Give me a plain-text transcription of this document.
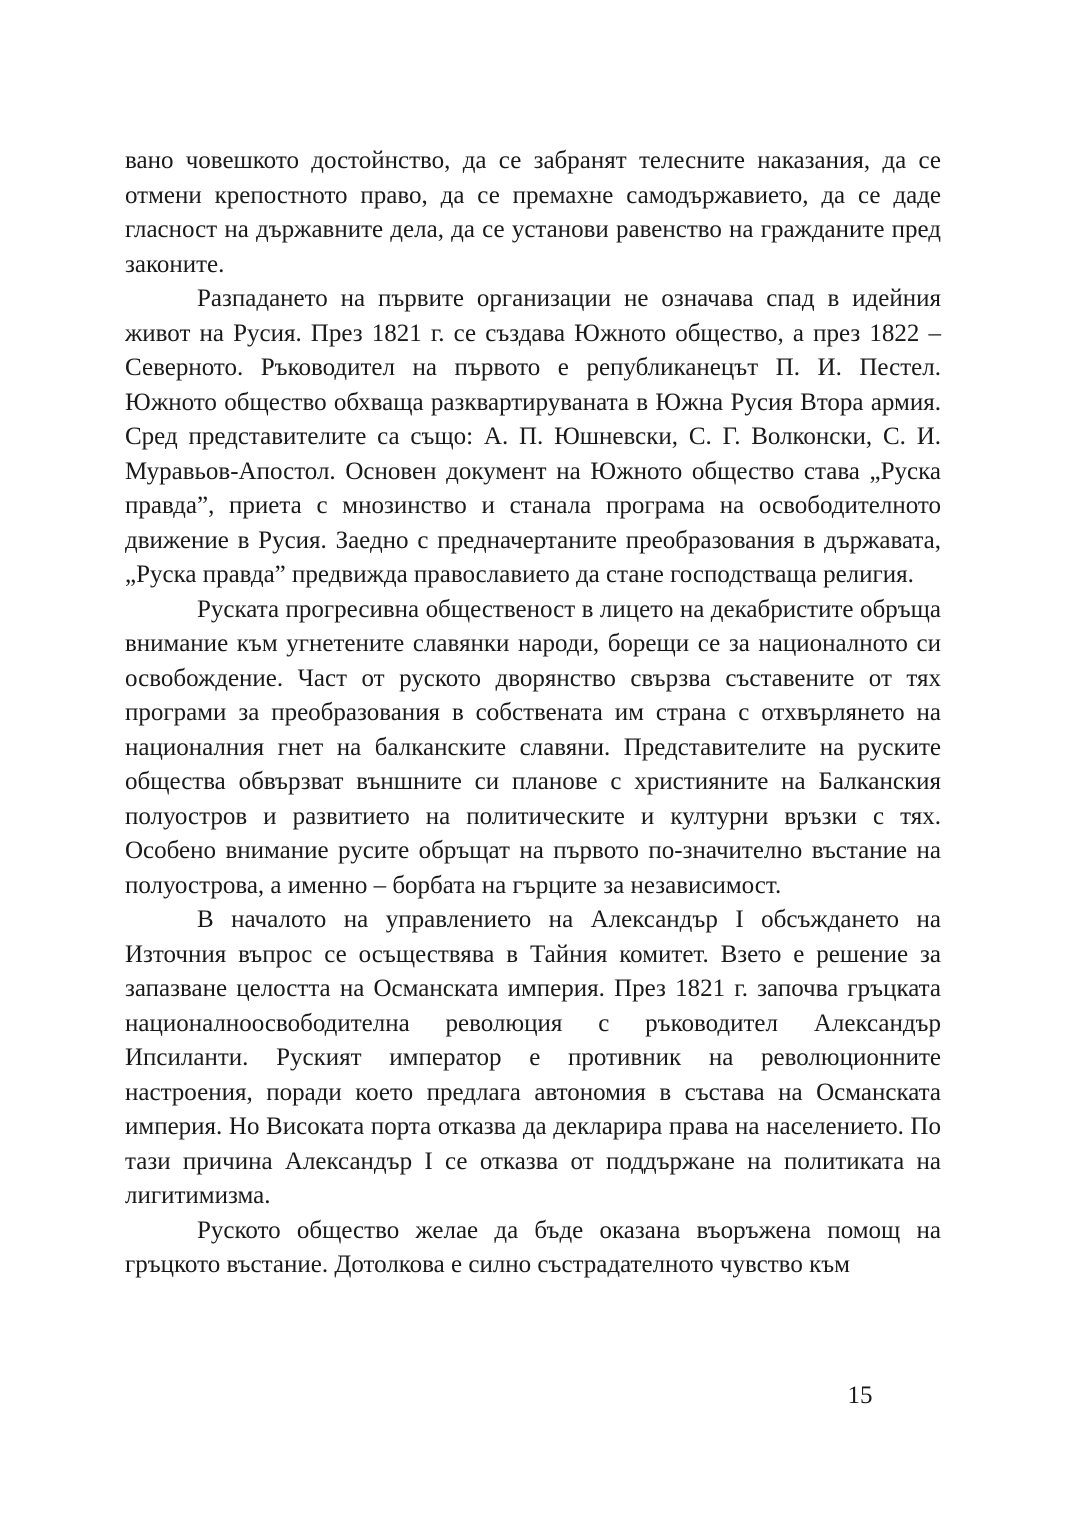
вано човешкото достойнство, да се забранят телесните наказания, да се отмени крепостното право, да се премахне самодържавието, да се даде гласност на държавните дела, да се установи равенство на гражданите пред законите.

Разпадането на първите организации не означава спад в идейния живот на Русия. През 1821 г. се създава Южното общество, а през 1822 – Северното. Ръководител на първото е републиканецът П. И. Пестел. Южното общество обхваща разквартируваната в Южна Русия Втора армия. Сред представителите са също: А. П. Юшневски, С. Г. Волконски, С. И. Муравьов-Апостол. Основен документ на Южното общество става „Руска правда”, приета с мнозинство и станала програма на освободителното движение в Русия. Заедно с предначертаните преобразования в държавата, „Руска правда” предвижда православието да стане господстваща религия.

Руската прогресивна общественост в лицето на декабристите обръща внимание към угнетените славянки народи, борещи се за националното си освобождение. Част от руското дворянство свързва съставените от тях програми за преобразования в собствената им страна с отхвърлянето на националния гнет на балканските славяни. Представителите на руските общества обвързват външните си планове с християните на Балканския полуостров и развитието на политическите и културни връзки с тях. Особено внимание русите обръщат на първото по-значително въстание на полуострова, а именно – борбата на гърците за независимост.

В началото на управлението на Александър I обсъждането на Източния въпрос се осъществява в Тайния комитет. Взето е решение за запазване целостта на Османската империя. През 1821 г. започва гръцката националноосвободителна революция с ръководител Александър Ипсиланти. Руският император е противник на революционните настроения, поради което предлага автономия в състава на Османската империя. Но Високата порта отказва да декларира права на населението. По тази причина Александър I се отказва от поддържане на политиката на лигитимизма.

Руското общество желае да бъде оказана въоръжена помощ на гръцкото въстание. Дотолкова е силно състрадателното чувство към

15
